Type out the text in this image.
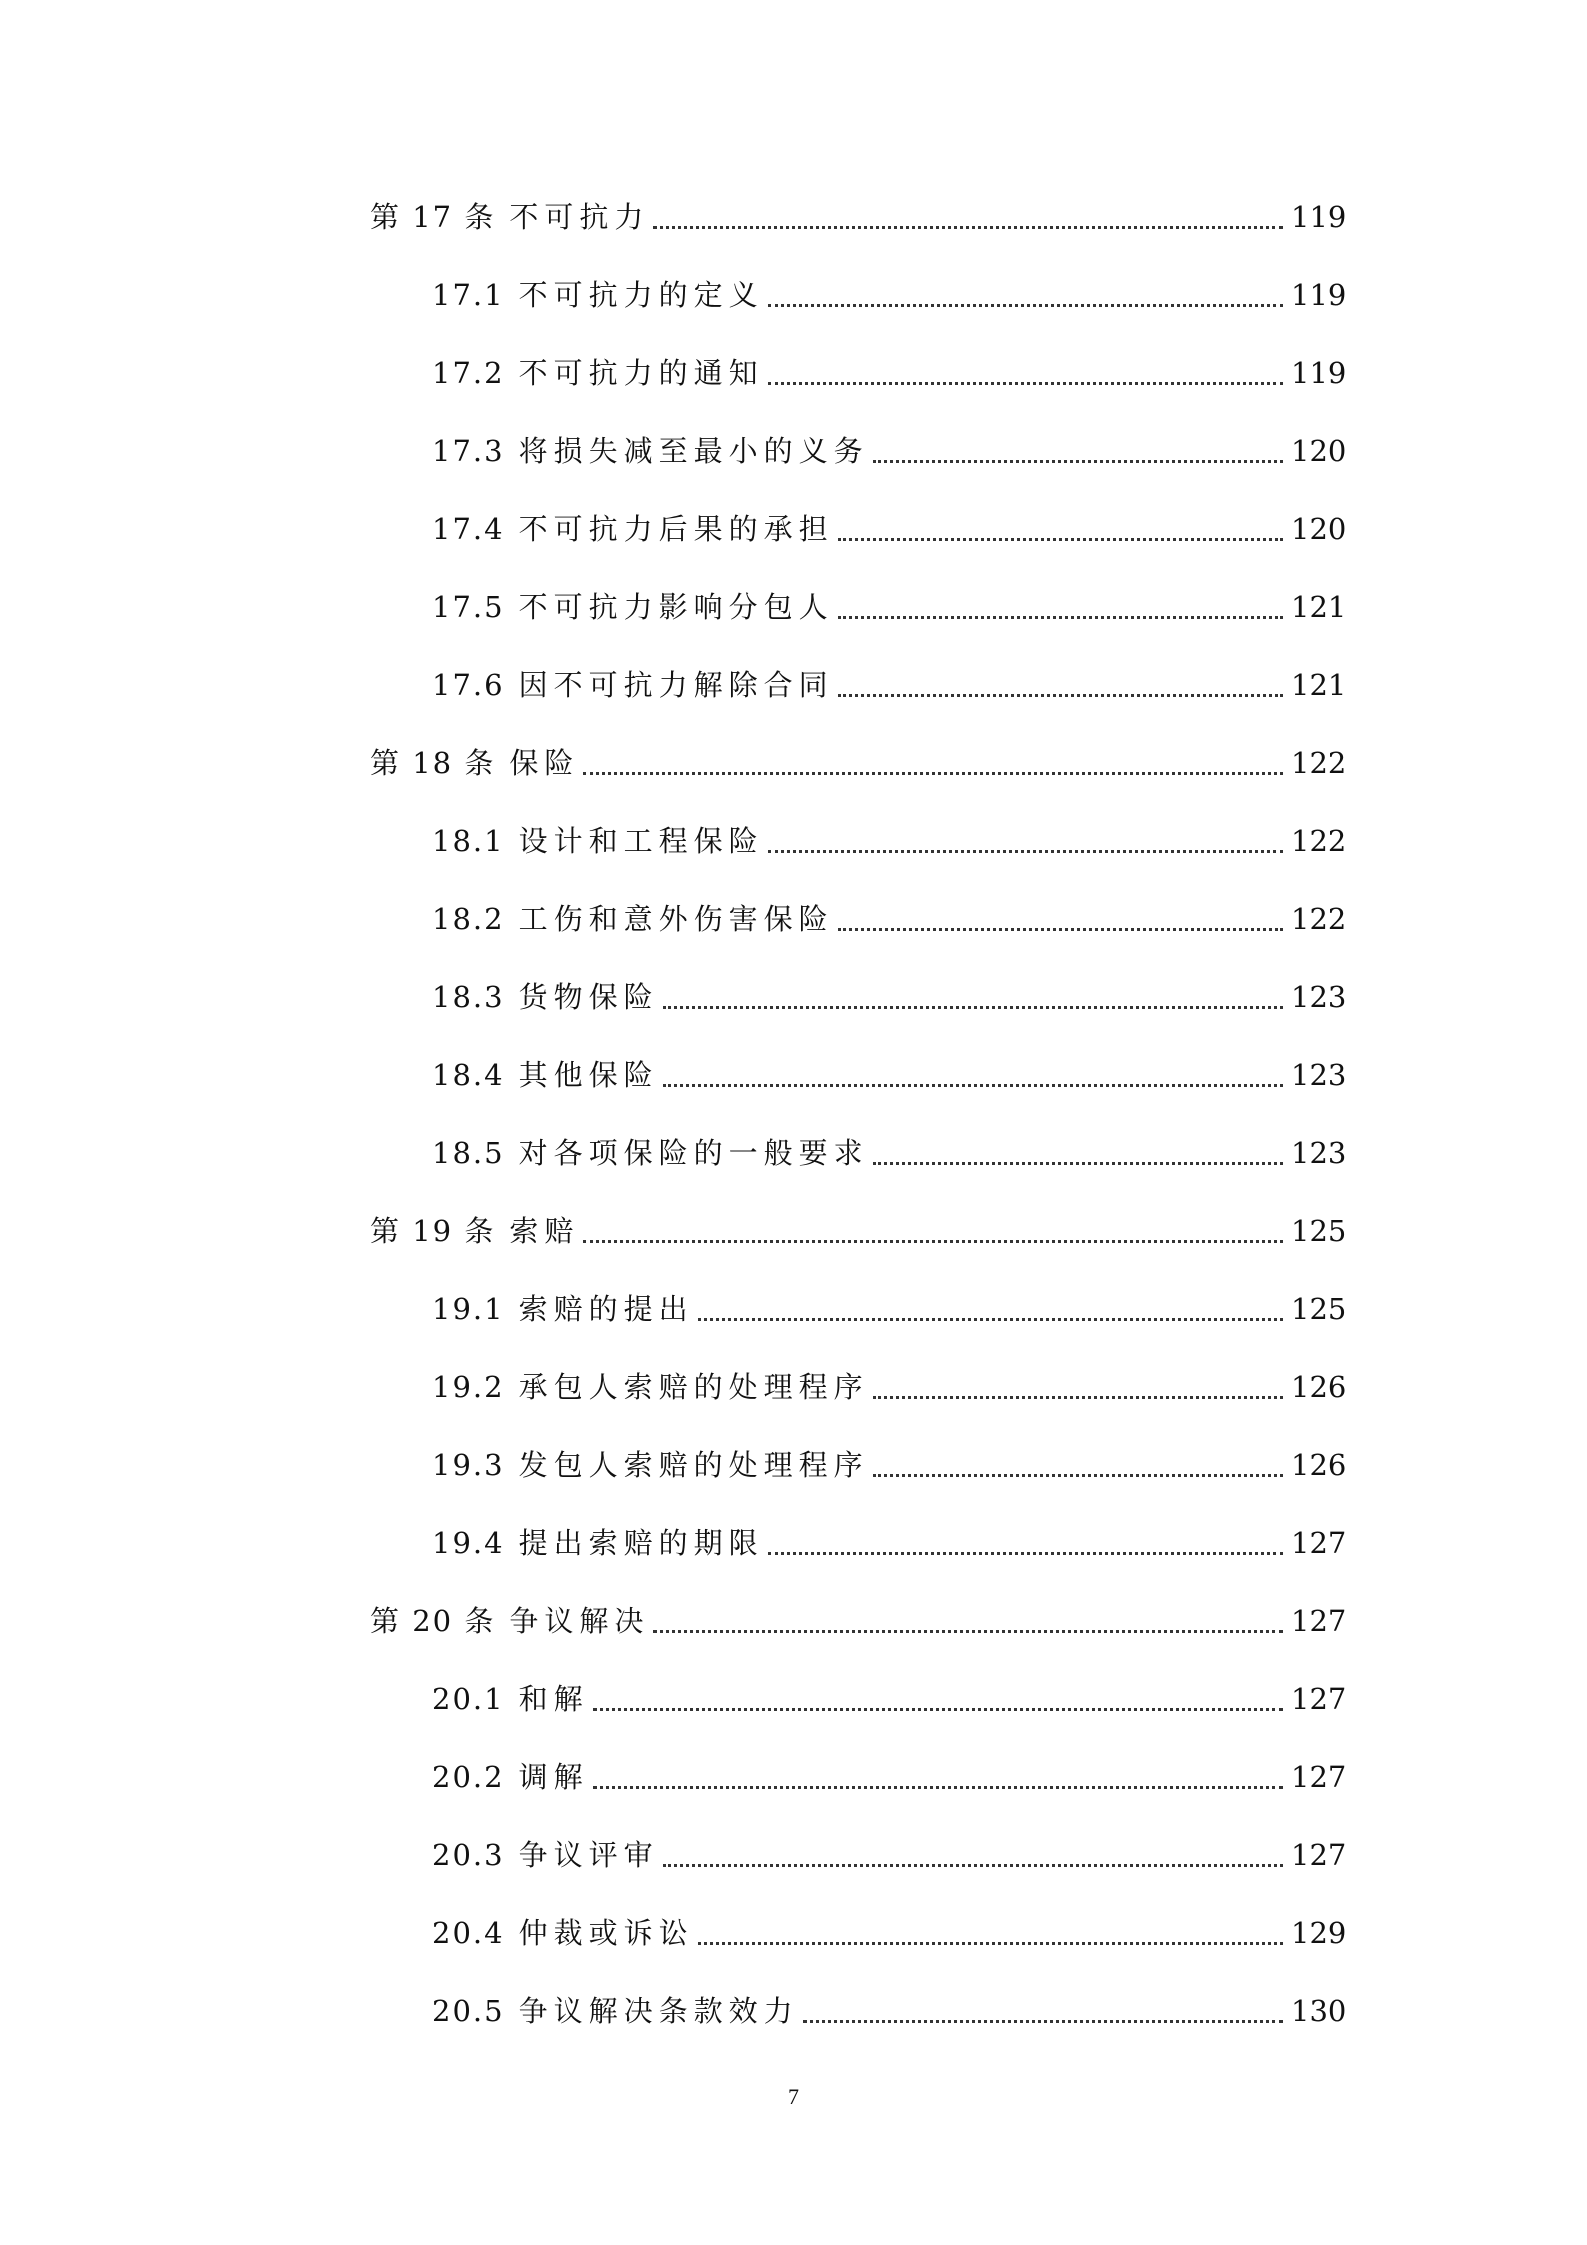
第 17 条 不可抗力	119
17.1 不可抗力的定义	119
17.2 不可抗力的通知	119
17.3 将损失减至最小的义务	120
17.4 不可抗力后果的承担	120
17.5 不可抗力影响分包人	121
17.6 因不可抗力解除合同	121
第 18 条 保险	122
18.1 设计和工程保险	122
18.2 工伤和意外伤害保险	122
18.3 货物保险	123
18.4 其他保险	123
18.5 对各项保险的一般要求	123
第 19 条 索赔	125
19.1 索赔的提出	125
19.2 承包人索赔的处理程序	126
19.3 发包人索赔的处理程序	126
19.4 提出索赔的期限	127
第 20 条 争议解决	127
20.1 和解	127
20.2 调解	127
20.3 争议评审	127
20.4 仲裁或诉讼	129
20.5 争议解决条款效力	130
7
